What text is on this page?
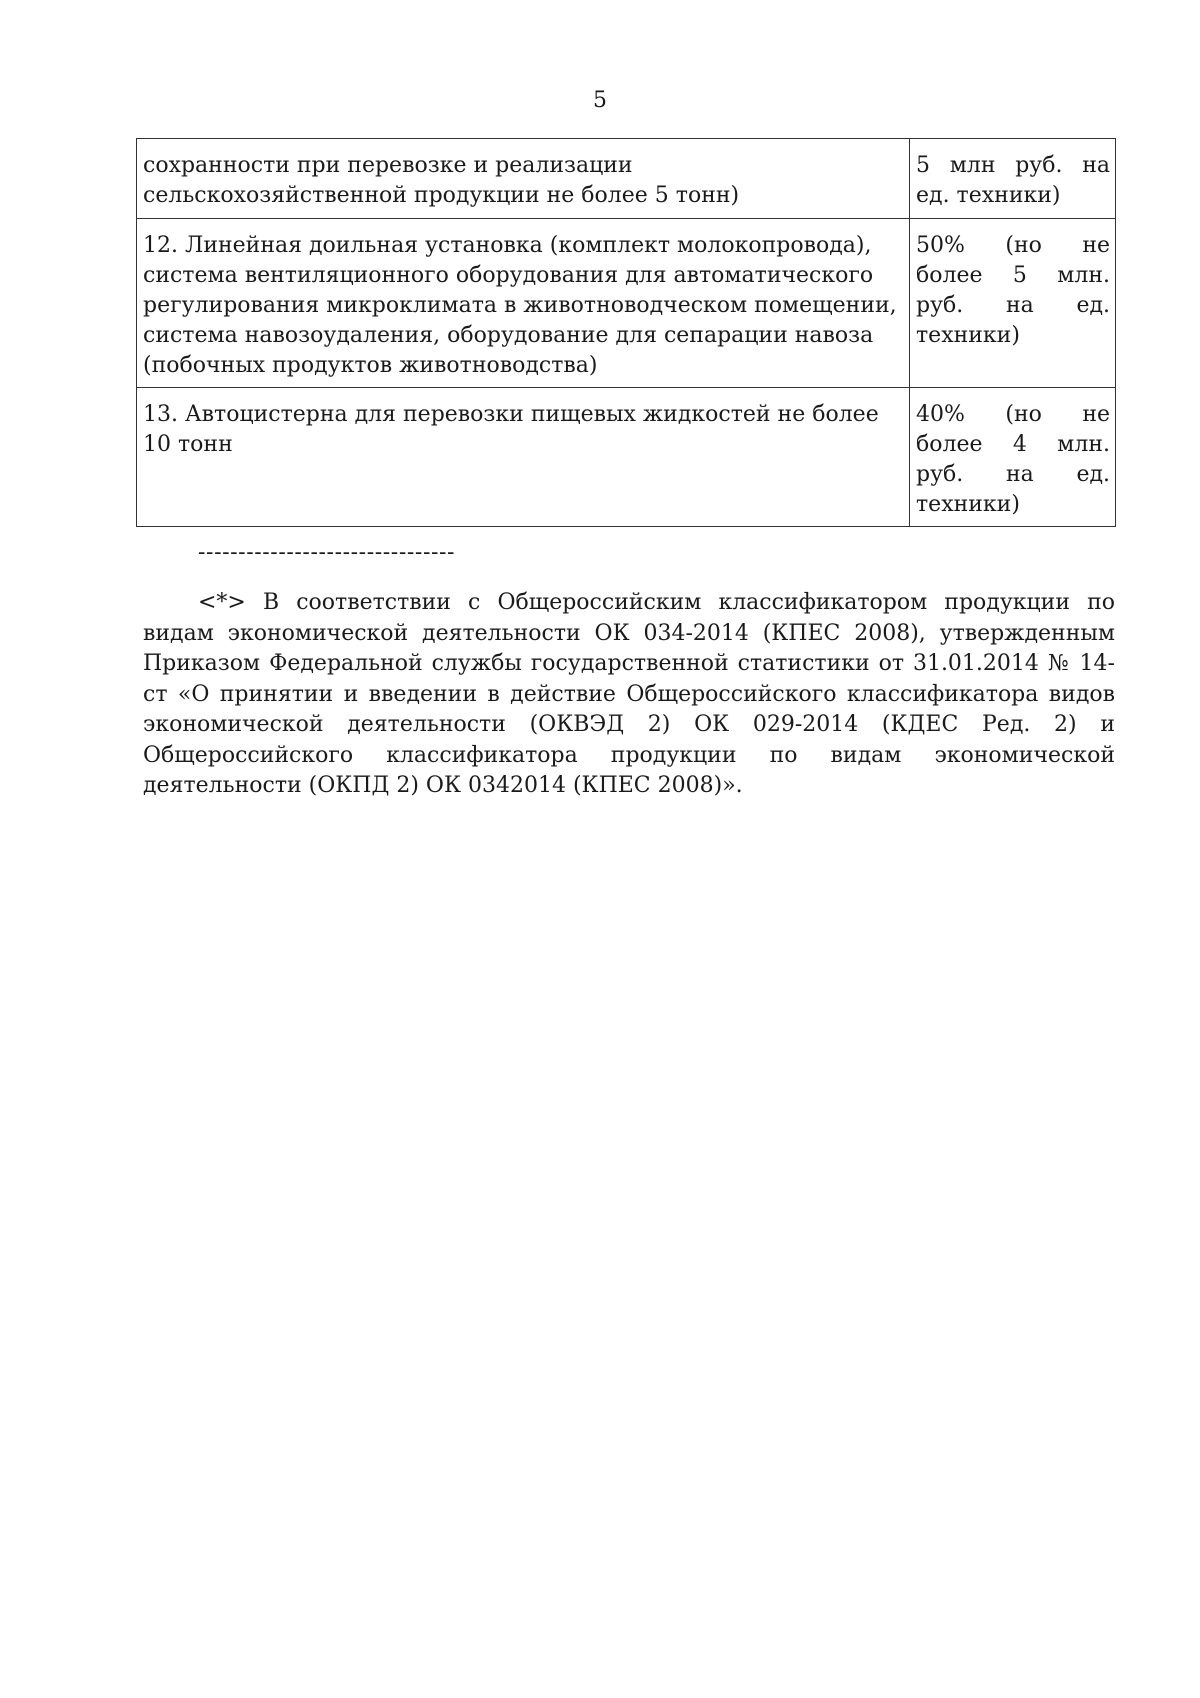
5
сохранности при перевозке и реализации сельскохозяйственной продукции не более 5 тонн)	5 млн руб. на ед. техники)
12. Линейная доильная установка (комплект молокопровода), система вентиляционного оборудования для автоматического регулирования микроклимата в животноводческом помещении, система навозоудаления, оборудование для сепарации навоза (побочных продуктов животноводства)	50% (но не более 5 млн. руб. на ед. техники)
13. Автоцистерна для перевозки пищевых жидкостей не более 10 тонн	40% (но не более 4 млн. руб. на ед. техники)
--------------------------------

<*> В соответствии с Общероссийским классификатором продукции по видам экономической деятельности ОК 034-2014 (КПЕС 2008), утвержденным Приказом Федеральной службы государственной статистики от 31.01.2014 № 14-ст «О принятии и введении в действие Общероссийского классификатора видов экономической деятельности (ОКВЭД 2) ОК 029-2014 (КДЕС Ред. 2) и Общероссийского классификатора продукции по видам экономической деятельности (ОКПД 2) ОК 0342014 (КПЕС 2008)».
